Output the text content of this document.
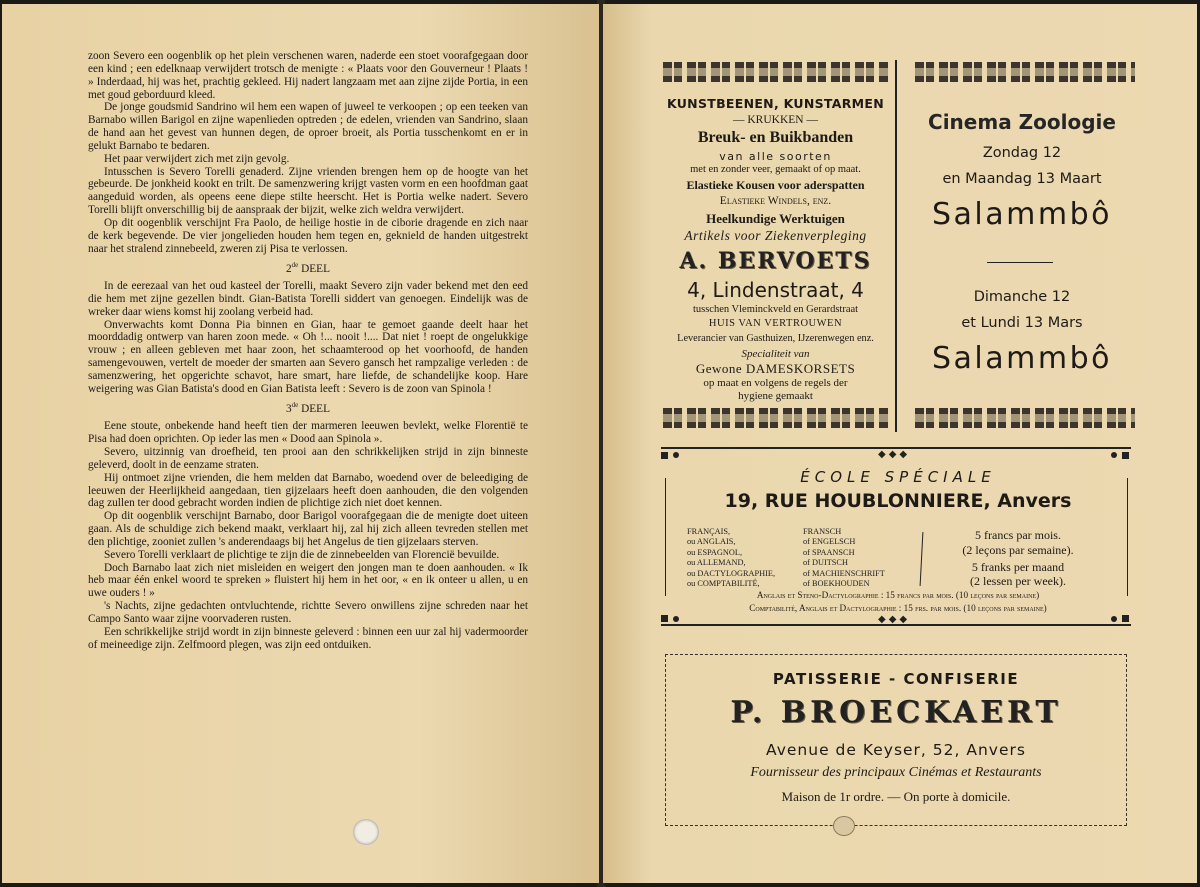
zoon Severo een oogenblik op het plein verschenen waren, naderde een stoet voorafgegaan door een kind ; een edelknaap verwijdert trotsch de menigte : « Plaats voor den Gouverneur ! Plaats ! » Inderdaad, hij was het, prachtig gekleed. Hij nadert langzaam met aan zijne zijde Portia, in een met goud geborduurd kleed.

De jonge goudsmid Sandrino wil hem een wapen of juweel te verkoopen ; op een teeken van Barnabo willen Barigol en zijne wapenlieden optreden ; de edelen, vrienden van Sandrino, slaan de hand aan het gevest van hunnen degen, de oproer broeit, als Portia tusschenkomt en er in gelukt Barnabo te bedaren.

Het paar verwijdert zich met zijn gevolg.

Intusschen is Severo Torelli genaderd. Zijne vrienden brengen hem op de hoogte van het gebeurde. De jonkheid kookt en trilt. De samenzwering krijgt vasten vorm en een hoofdman gaat aangeduid worden, als opeens eene diepe stilte heerscht. Het is Portia welke nadert. Severo Torelli blijft onverschillig bij de aanspraak der bijzit, welke zich weldra verwijdert.

Op dit oogenblik verschijnt Fra Paolo, de heilige hostie in de ciborie dragende en zich naar de kerk begevende. De vier jongelieden houden hem tegen en, geknield de handen uitgestrekt naar het stralend zinnebeeld, zweren zij Pisa te verlossen.

2de DEEL

In de eerezaal van het oud kasteel der Torelli, maakt Severo zijn vader bekend met den eed die hem met zijne gezellen bindt. Gian-Batista Torelli siddert van genoegen. Eindelijk was de wreker daar wiens komst hij zoolang verbeid had.

Onverwachts komt Donna Pia binnen en Gian, haar te gemoet gaande deelt haar het moorddadig ontwerp van haren zoon mede. « Oh !... nooit !.... Dat niet ! roept de ongelukkige vrouw ; en alleen gebleven met haar zoon, het schaamterood op het voorhoofd, de handen samengevouwen, vertelt de moeder der smarten aan Severo gansch het rampzalige verleden : de samenzwering, het opgerichte schavot, hare smart, hare liefde, de schandelijke koop. Hare weigering was Gian Batista's dood en Gian Batista leeft : Severo is de zoon van Spinola !

3de DEEL

Eene stoute, onbekende hand heeft tien der marmeren leeuwen bevlekt, welke Florentië te Pisa had doen oprichten. Op ieder las men « Dood aan Spinola ».

Severo, uitzinnig van droefheid, ten prooi aan den schrikkelijken strijd in zijn binneste geleverd, doolt in de eenzame straten.

Hij ontmoet zijne vrienden, die hem melden dat Barnabo, woedend over de beleediging de leeuwen der Heerlijkheid aangedaan, tien gijzelaars heeft doen aanhouden, die den volgenden dag zullen ter dood gebracht worden indien de plichtige zich niet doet kennen.

Op dit oogenblik verschijnt Barnabo, door Barigol voorafgegaan die de menigte doet uiteen gaan. Als de schuldige zich bekend maakt, verklaart hij, zal hij zich alleen tevreden stellen met den plichtige, zooniet zullen 's anderendaags bij het Angelus de tien gijzelaars sterven.

Severo Torelli verklaart de plichtige te zijn die de zinnebeelden van Florencië bevuilde.

Doch Barnabo laat zich niet misleiden en weigert den jongen man te doen aanhouden. « Ik heb maar één enkel woord te spreken » fluistert hij hem in het oor, « en ik onteer u allen, u en uwe ouders ! »

's Nachts, zijne gedachten ontvluchtende, richtte Severo onwillens zijne schreden naar het Campo Santo waar zijne voorvaderen rusten.

Een schrikkelijke strijd wordt in zijn binneste geleverd : binnen een uur zal hij vadermoorder of meineedige zijn. Zelfmoord plegen, was zijn eed ontduiken.

KUNSTBEENEN, KUNSTARMEN
— KRUKKEN —
Breuk- en Buikbanden
van alle soorten
met en zonder veer, gemaakt of op maat.
Elastieke Kousen voor aderspatten
Elastieke Windels, enz.
Heelkundige Werktuigen
Artikels voor Ziekenverpleging
A. BERVOETS
4, Lindenstraat, 4
tusschen Vleminckveld en Gerardstraat
HUIS VAN VERTROUWEN
Leverancier van Gasthuizen, IJzerenwegen enz.
Specialiteit van
Gewone DAMESKORSETS
op maat en volgens de regels der
hygiene gemaakt
Cinema Zoologie
Zondag 12
en Maandag 13 Maart
Salammbô
Dimanche 12
et Lundi 13 Mars
Salammbô
◆◆◆
◆◆◆
ÉCOLE SPÉCIALE
19, RUE HOUBLONNIERE, Anvers
FRANÇAIS,
ou ANGLAIS,
ou ESPAGNOL,
ou ALLEMAND,
ou DACTYLOGRAPHIE,
ou COMPTABILITÉ,
FRANSCH
of ENGELSCH
of SPAANSCH
of DUITSCH
of MACHIENSCHRIFT
of BOEKHOUDEN
5 francs par mois.
(2 leçons par semaine).
5 franks per maand
(2 lessen per week).
Anglais et Steno-Dactylographie : 15 francs par mois. (10 leçons par semaine)
Comptabilité, Anglais et Dactylographie : 15 frs. par mois. (10 leçons par semaine)
PATISSERIE - CONFISERIE
P. BROECKAERT
Avenue de Keyser, 52, Anvers
Fournisseur des principaux Cinémas et Restaurants
Maison de 1r ordre. — On porte à domicile.
